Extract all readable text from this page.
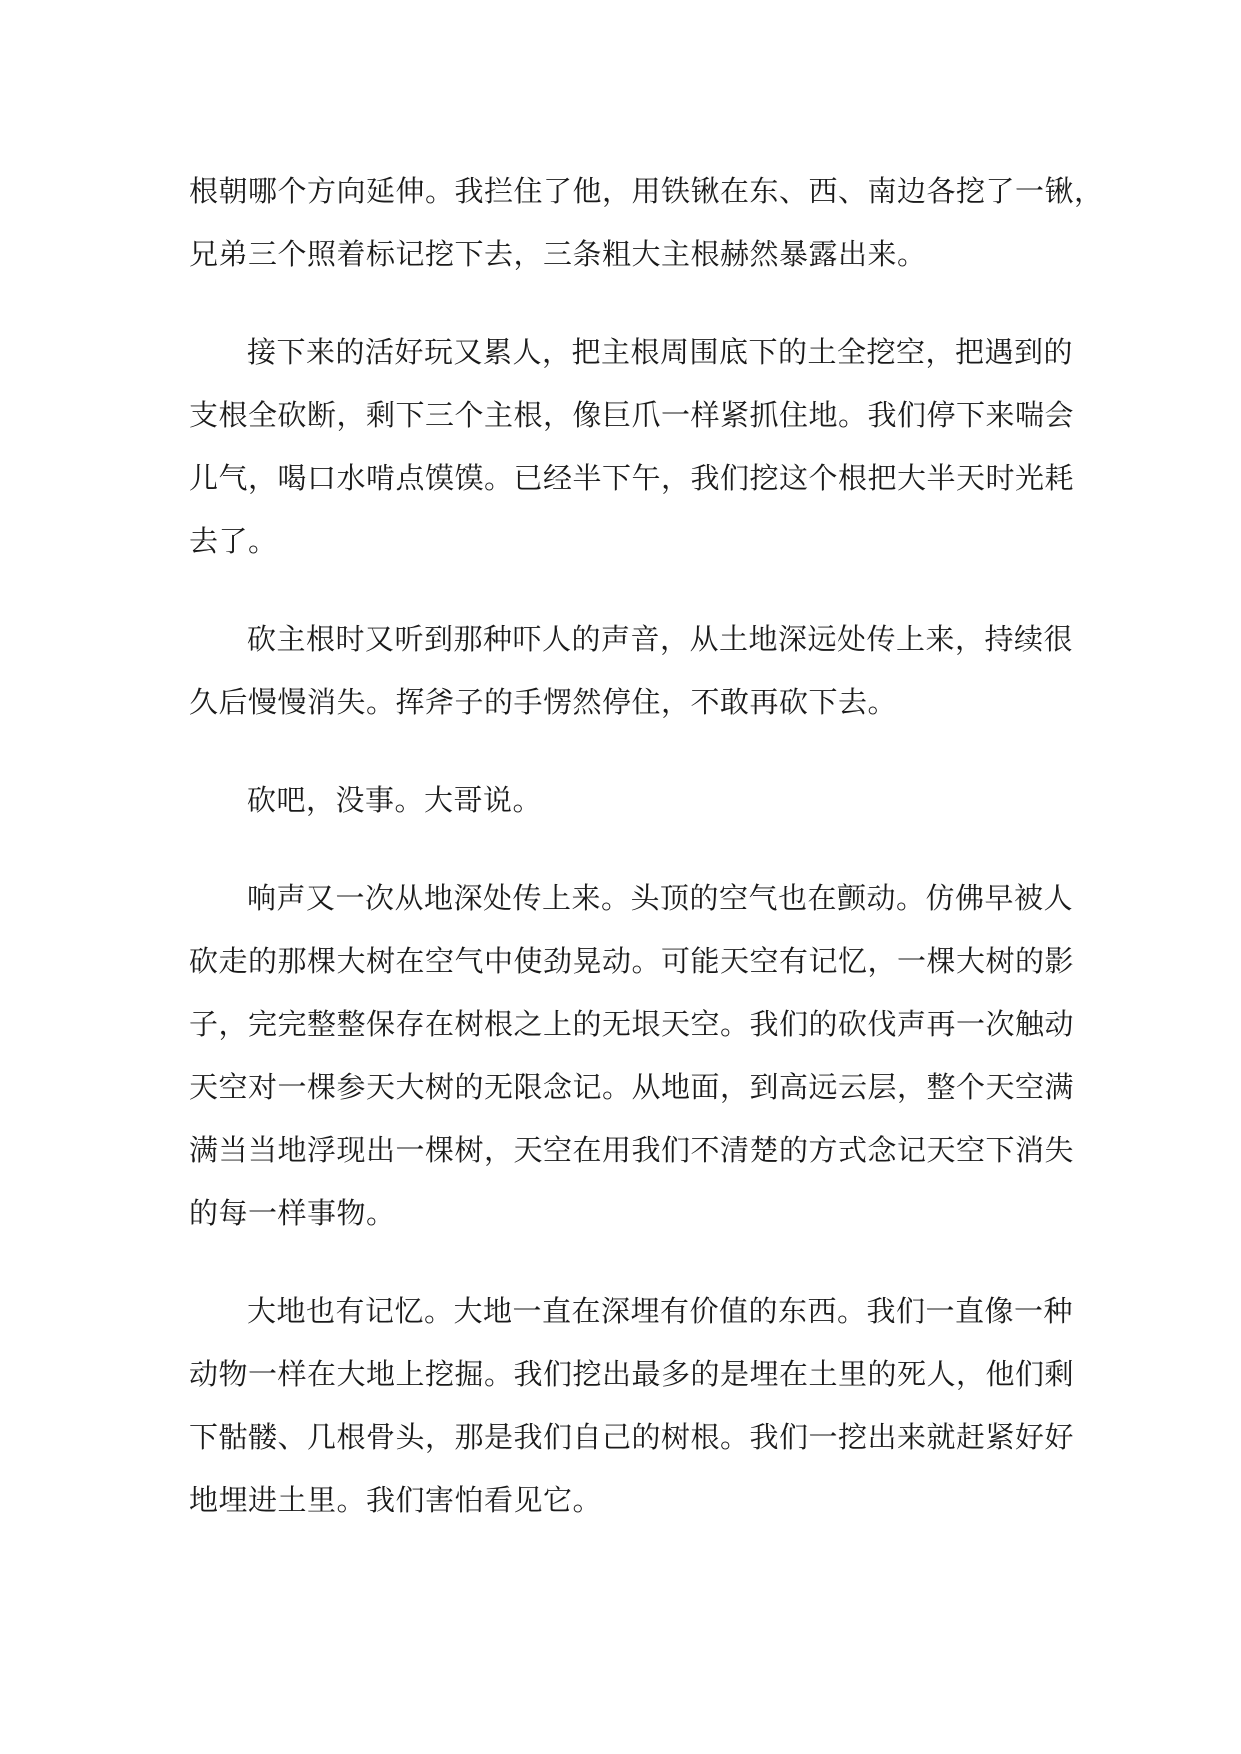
根朝哪个方向延伸。我拦住了他，用铁锹在东、西、南边各挖了一锹，
兄弟三个照着标记挖下去，三条粗大主根赫然暴露出来。
接下来的活好玩又累人，把主根周围底下的土全挖空，把遇到的
支根全砍断，剩下三个主根，像巨爪一样紧抓住地。我们停下来喘会
儿气，喝口水啃点馍馍。已经半下午，我们挖这个根把大半天时光耗
去了。
砍主根时又听到那种吓人的声音，从土地深远处传上来，持续很
久后慢慢消失。挥斧子的手愣然停住，不敢再砍下去。
砍吧，没事。大哥说。
响声又一次从地深处传上来。头顶的空气也在颤动。仿佛早被人
砍走的那棵大树在空气中使劲晃动。可能天空有记忆，一棵大树的影
子，完完整整保存在树根之上的无垠天空。我们的砍伐声再一次触动
天空对一棵参天大树的无限念记。从地面，到高远云层，整个天空满
满当当地浮现出一棵树，天空在用我们不清楚的方式念记天空下消失
的每一样事物。
大地也有记忆。大地一直在深埋有价值的东西。我们一直像一种
动物一样在大地上挖掘。我们挖出最多的是埋在土里的死人，他们剩
下骷髅、几根骨头，那是我们自己的树根。我们一挖出来就赶紧好好
地埋进土里。我们害怕看见它。
